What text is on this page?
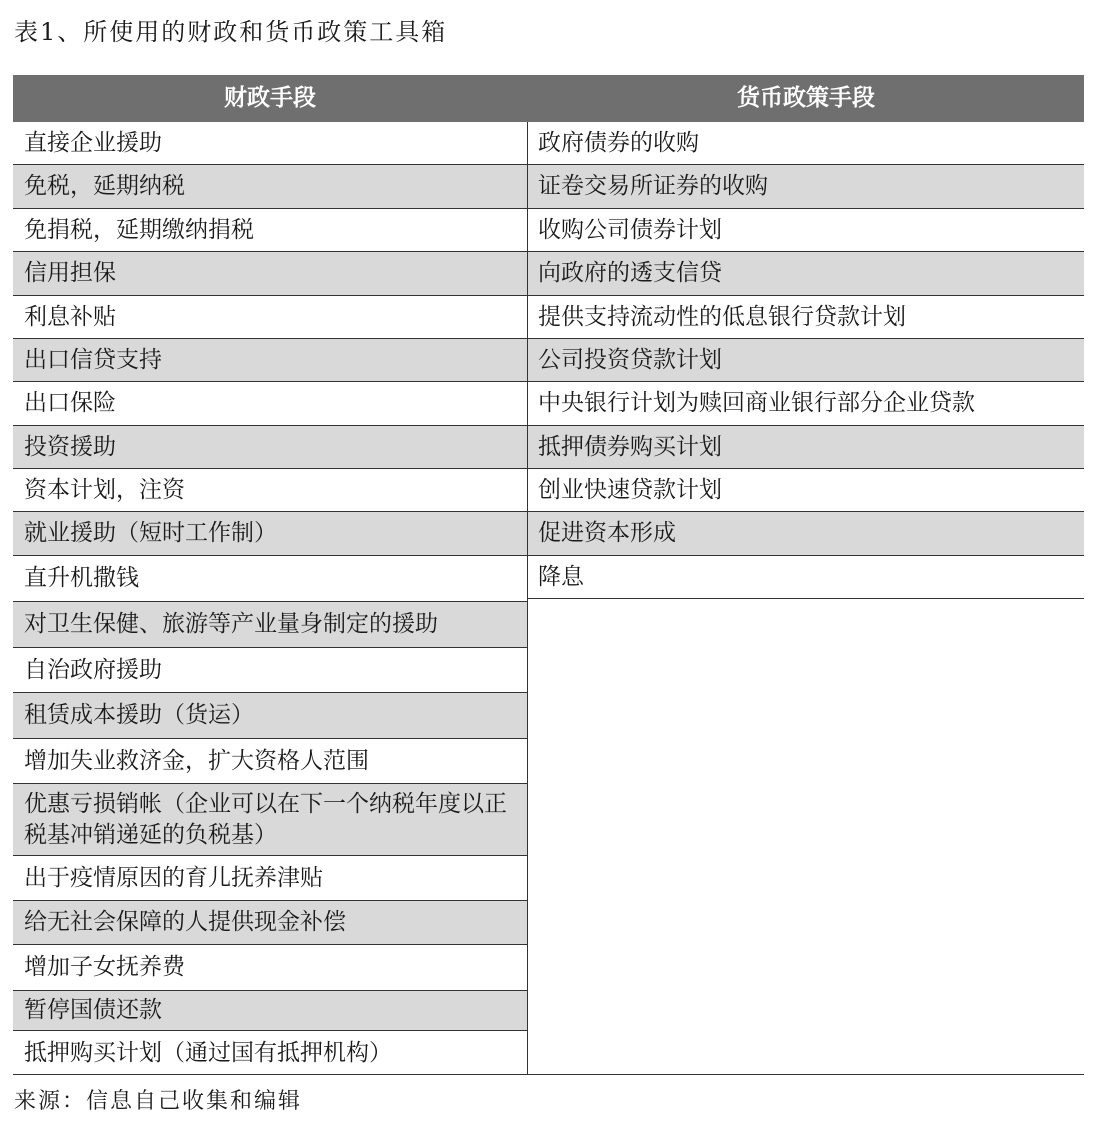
表1、所使用的财政和货币政策工具箱
财政手段	货币政策手段
直接企业援助
免税，延期纳税
免捐税，延期缴纳捐税
信用担保
利息补贴
出口信贷支持
出口保险
投资援助
资本计划，注资
就业援助（短时工作制）
直升机撒钱
对卫生保健、旅游等产业量身制定的援助
自治政府援助
租赁成本援助（货运）
增加失业救济金，扩大资格人范围
优惠亏损销帐（企业可以在下一个纳税年度以正税基冲销递延的负税基）
出于疫情原因的育儿抚养津贴
给无社会保障的人提供现金补偿
增加子女抚养费
暂停国债还款
抵押购买计划（通过国有抵押机构）
政府债券的收购
证卷交易所证券的收购
收购公司债券计划
向政府的透支信贷
提供支持流动性的低息银行贷款计划
公司投资贷款计划
中央银行计划为赎回商业银行部分企业贷款
抵押债券购买计划
创业快速贷款计划
促进资本形成
降息
来源：信息自己收集和编辑
